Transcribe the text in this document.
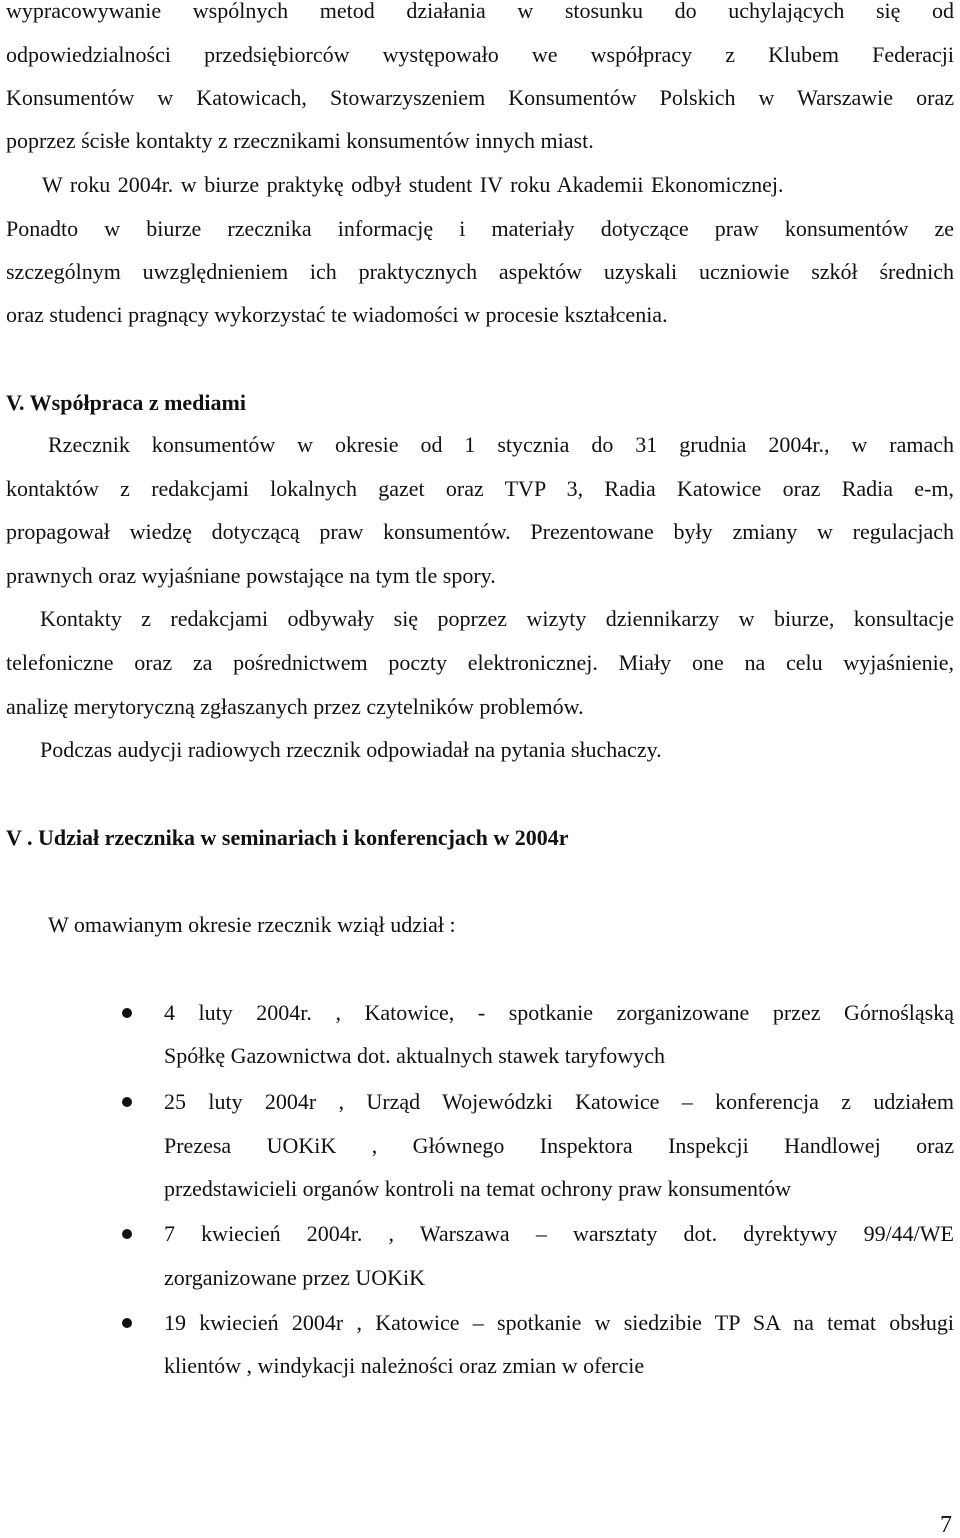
wypracowywanie wspólnych metod działania w stosunku do uchylających się od
odpowiedzialności przedsiębiorców występowało we współpracy z Klubem Federacji
Konsumentów w Katowicach, Stowarzyszeniem Konsumentów Polskich w Warszawie oraz
poprzez ścisłe kontakty z rzecznikami konsumentów innych miast.
W roku 2004r. w biurze praktykę odbył student IV roku Akademii Ekonomicznej.
Ponadto w biurze rzecznika informację i materiały dotyczące praw konsumentów ze
szczególnym uwzględnieniem ich praktycznych aspektów uzyskali uczniowie szkół średnich
oraz studenci pragnący wykorzystać te wiadomości w procesie kształcenia.
V. Współpraca z mediami
Rzecznik konsumentów w okresie od 1 stycznia do 31 grudnia 2004r., w ramach
kontaktów z redakcjami lokalnych gazet oraz TVP 3, Radia Katowice oraz Radia e-m,
propagował wiedzę dotyczącą praw konsumentów. Prezentowane były zmiany w regulacjach
prawnych oraz wyjaśniane powstające na tym tle spory.
Kontakty z redakcjami odbywały się poprzez wizyty dziennikarzy w biurze, konsultacje
telefoniczne oraz za pośrednictwem poczty elektronicznej. Miały one na celu wyjaśnienie,
analizę merytoryczną zgłaszanych przez czytelników problemów.
Podczas audycji radiowych rzecznik odpowiadał na pytania słuchaczy.
V . Udział rzecznika w seminariach i konferencjach w 2004r
W omawianym okresie rzecznik wziął udział :
4 luty 2004r. , Katowice, - spotkanie zorganizowane przez Górnośląską
Spółkę Gazownictwa dot. aktualnych stawek taryfowych
25 luty 2004r , Urząd Wojewódzki Katowice – konferencja z udziałem
Prezesa UOKiK , Głównego Inspektora Inspekcji Handlowej oraz
przedstawicieli organów kontroli na temat ochrony praw konsumentów
7 kwiecień 2004r. , Warszawa – warsztaty dot. dyrektywy 99/44/WE
zorganizowane przez UOKiK
19 kwiecień 2004r , Katowice – spotkanie w siedzibie TP SA na temat obsługi
klientów , windykacji należności oraz zmian w ofercie
7
